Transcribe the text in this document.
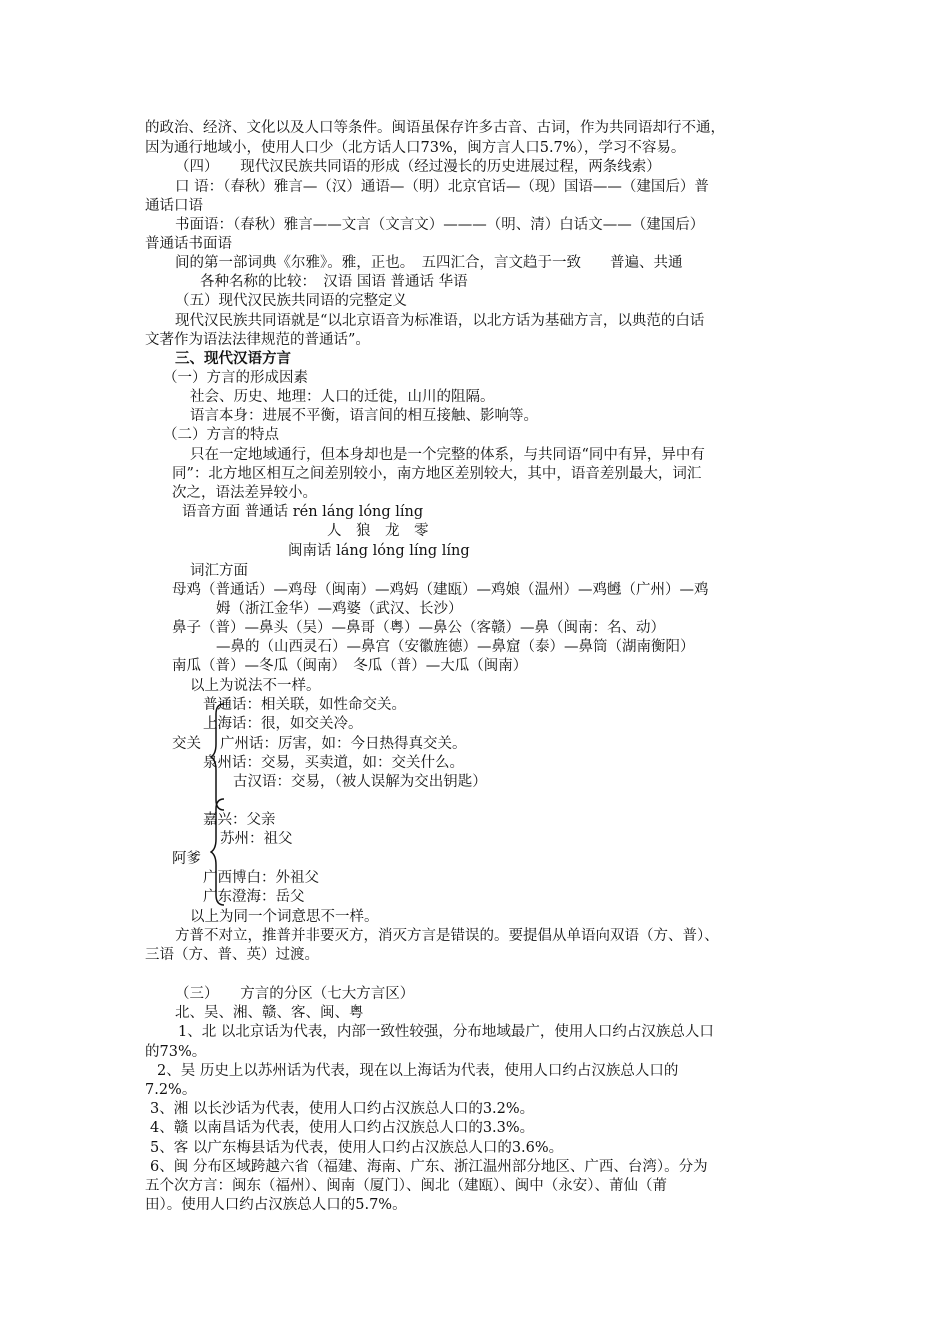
的政治、经济、文化以及人口等条件。闽语虽保存许多古音、古词，作为共同语却行不通，
因为通行地域小，使用人口少（北方话人口73%，闽方言人口5.7%），学习不容易。
（四）　　现代汉民族共同语的形成（经过漫长的历史进展过程，两条线索）
口 语：（春秋）雅言—（汉）通语—（明）北京官话—（现）国语——（建国后）普
通话口语
书面语：（春秋）雅言——文言（文言文）———（明、清）白话文——（建国后）
普通话书面语
间的第一部词典《尔雅》。雅，正也。　五四汇合，言文趋于一致　　普遍、共通
各种名称的比较：　汉语 国语 普通话 华语
（五）现代汉民族共同语的完整定义
现代汉民族共同语就是“以北京语音为标准语，以北方话为基础方言，以典范的白话
文著作为语法法律规范的普通话”。
三、现代汉语方言
（一）方言的形成因素
社会、历史、地理：人口的迁徙，山川的阻隔。
语言本身：进展不平衡，语言间的相互接触、影响等。
（二）方言的特点
只在一定地域通行，但本身却也是一个完整的体系，与共同语“同中有异，异中有
同”：北方地区相互之间差别较小，南方地区差别较大，其中，语音差别最大，词汇
次之，语法差异较小。
语音方面 普通话 rén láng lóng líng
人　狼　龙　零
闽南话 láng lóng líng líng
词汇方面
母鸡（普通话）—鸡母（闽南）—鸡妈（建瓯）—鸡娘（温州）—鸡乸（广州）—鸡
姆（浙江金华）—鸡婆（武汉、长沙）
鼻子（普）—鼻头（吴）—鼻哥（粤）—鼻公（客赣）—鼻（闽南：名、动）
—鼻的（山西灵石）—鼻宫（安徽旌德）—鼻窟（泰）—鼻筒（湖南衡阳）
南瓜（普）—冬瓜（闽南）　冬瓜（普）—大瓜（闽南）
以上为说法不一样。
普通话：相关联，如性命交关。
上海话：很，如交关冷。
交关 广州话：厉害，如：今日热得真交关。
泉州话：交易，买卖道，如：交关什么。
古汉语：交易，（被人误解为交出钥匙）
嘉兴：父亲
苏州：祖父
阿爹
广西博白：外祖父
广东澄海：岳父
以上为同一个词意思不一样。
方普不对立，推普并非要灭方，消灭方言是错误的。要提倡从单语向双语（方、普）、
三语（方、普、英）过渡。
（三）　　方言的分区（七大方言区）
北、吴、湘、赣、客、闽、粤
1、北 以北京话为代表，内部一致性较强，分布地域最广，使用人口约占汉族总人口
的73%。
2、吴 历史上以苏州话为代表，现在以上海话为代表，使用人口约占汉族总人口的
7.2%。
3、湘 以长沙话为代表，使用人口约占汉族总人口的3.2%。
4、赣 以南昌话为代表，使用人口约占汉族总人口的3.3%。
5、客 以广东梅县话为代表，使用人口约占汉族总人口的3.6%。
6、闽 分布区域跨越六省（福建、海南、广东、浙江温州部分地区、广西、台湾）。分为
五个次方言：闽东（福州）、闽南（厦门）、闽北（建瓯）、闽中（永安）、莆仙（莆
田）。使用人口约占汉族总人口的5.7%。
